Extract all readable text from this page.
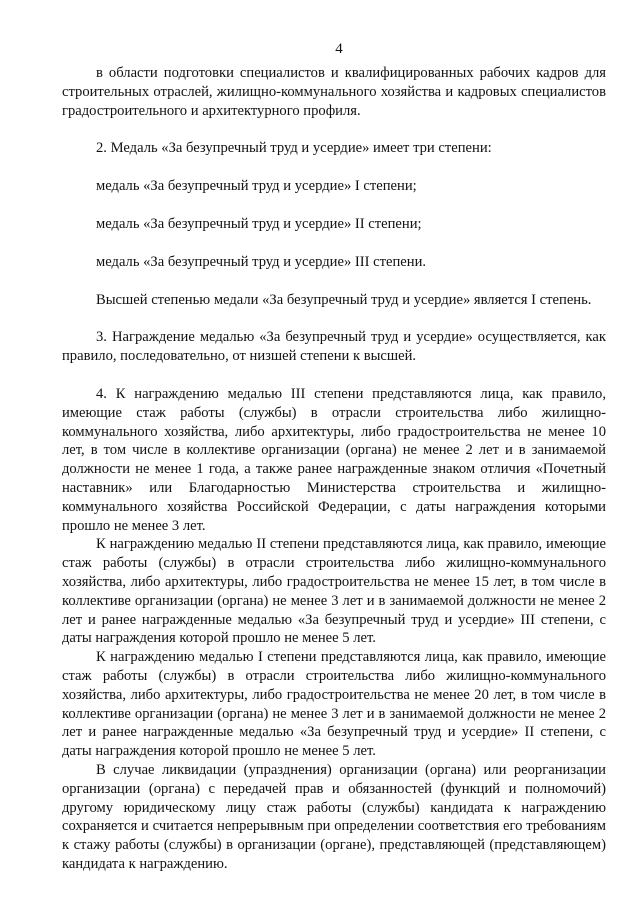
4

в области подготовки специалистов и квалифицированных рабочих кадров для строительных отраслей, жилищно-коммунального хозяйства и кадровых специалистов градостроительного и архитектурного профиля.

2. Медаль «За безупречный труд и усердие» имеет три степени:

медаль «За безупречный труд и усердие» I степени;

медаль «За безупречный труд и усердие» II степени;

медаль «За безупречный труд и усердие» III степени.

Высшей степенью медали «За безупречный труд и усердие» является I степень.

3. Награждение медалью «За безупречный труд и усердие» осуществляется, как правило, последовательно, от низшей степени к высшей.

4. К награждению медалью III степени представляются лица, как правило, имеющие стаж работы (службы) в отрасли строительства либо жилищно-коммунального хозяйства, либо архитектуры, либо градостроительства не менее 10 лет, в том числе в коллективе организации (органа) не менее 2 лет и в занимаемой должности не менее 1 года, а также ранее награжденные знаком отличия «Почетный наставник» или Благодарностью Министерства строительства и жилищно-коммунального хозяйства Российской Федерации, с даты награждения которыми прошло не менее 3 лет.

К награждению медалью II степени представляются лица, как правило, имеющие стаж работы (службы) в отрасли строительства либо жилищно-коммунального хозяйства, либо архитектуры, либо градостроительства не менее 15 лет, в том числе в коллективе организации (органа) не менее 3 лет и в занимаемой должности не менее 2 лет и ранее награжденные медалью «За безупречный труд и усердие» III степени, с даты награждения которой прошло не менее 5 лет.

К награждению медалью I степени представляются лица, как правило, имеющие стаж работы (службы) в отрасли строительства либо жилищно-коммунального хозяйства, либо архитектуры, либо градостроительства не менее 20 лет, в том числе в коллективе организации (органа) не менее 3 лет и в занимаемой должности не менее 2 лет и ранее награжденные медалью «За безупречный труд и усердие» II степени, с даты награждения которой прошло не менее 5 лет.

В случае ликвидации (упразднения) организации (органа) или реорганизации организации (органа) с передачей прав и обязанностей (функций и полномочий) другому юридическому лицу стаж работы (службы) кандидата к награждению сохраняется и считается непрерывным при определении соответствия его требованиям к стажу работы (службы) в организации (органе), представляющей (представляющем) кандидата к награждению.
